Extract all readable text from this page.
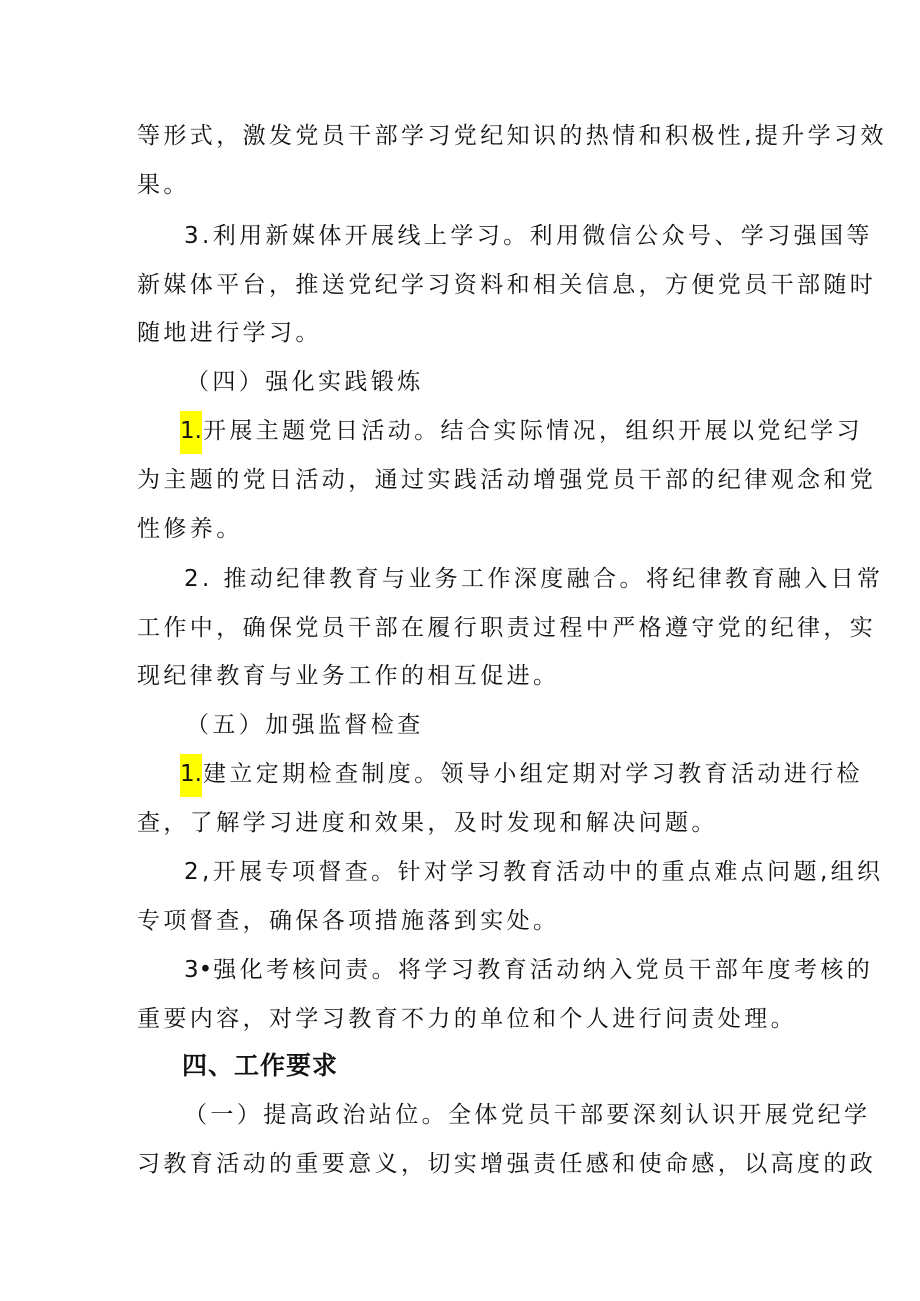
等形式，激发党员干部学习党纪知识的热情和积极性,提升学习效
果。
3.利用新媒体开展线上学习。利用微信公众号、学习强国等
新媒体平台，推送党纪学习资料和相关信息，方便党员干部随时
随地进行学习。
（四）强化实践锻炼
1.开展主题党日活动。结合实际情况，组织开展以党纪学习
为主题的党日活动，通过实践活动增强党员干部的纪律观念和党
性修养。
2. 推动纪律教育与业务工作深度融合。将纪律教育融入日常
工作中，确保党员干部在履行职责过程中严格遵守党的纪律，实
现纪律教育与业务工作的相互促进。
（五）加强监督检查
1.建立定期检查制度。领导小组定期对学习教育活动进行检
查，了解学习进度和效果，及时发现和解决问题。
2,开展专项督查。针对学习教育活动中的重点难点问题,组织
专项督查，确保各项措施落到实处。
3•强化考核问责。将学习教育活动纳入党员干部年度考核的
重要内容，对学习教育不力的单位和个人进行问责处理。
四、工作要求
（一）提高政治站位。全体党员干部要深刻认识开展党纪学
习教育活动的重要意义，切实增强责任感和使命感，以高度的政
